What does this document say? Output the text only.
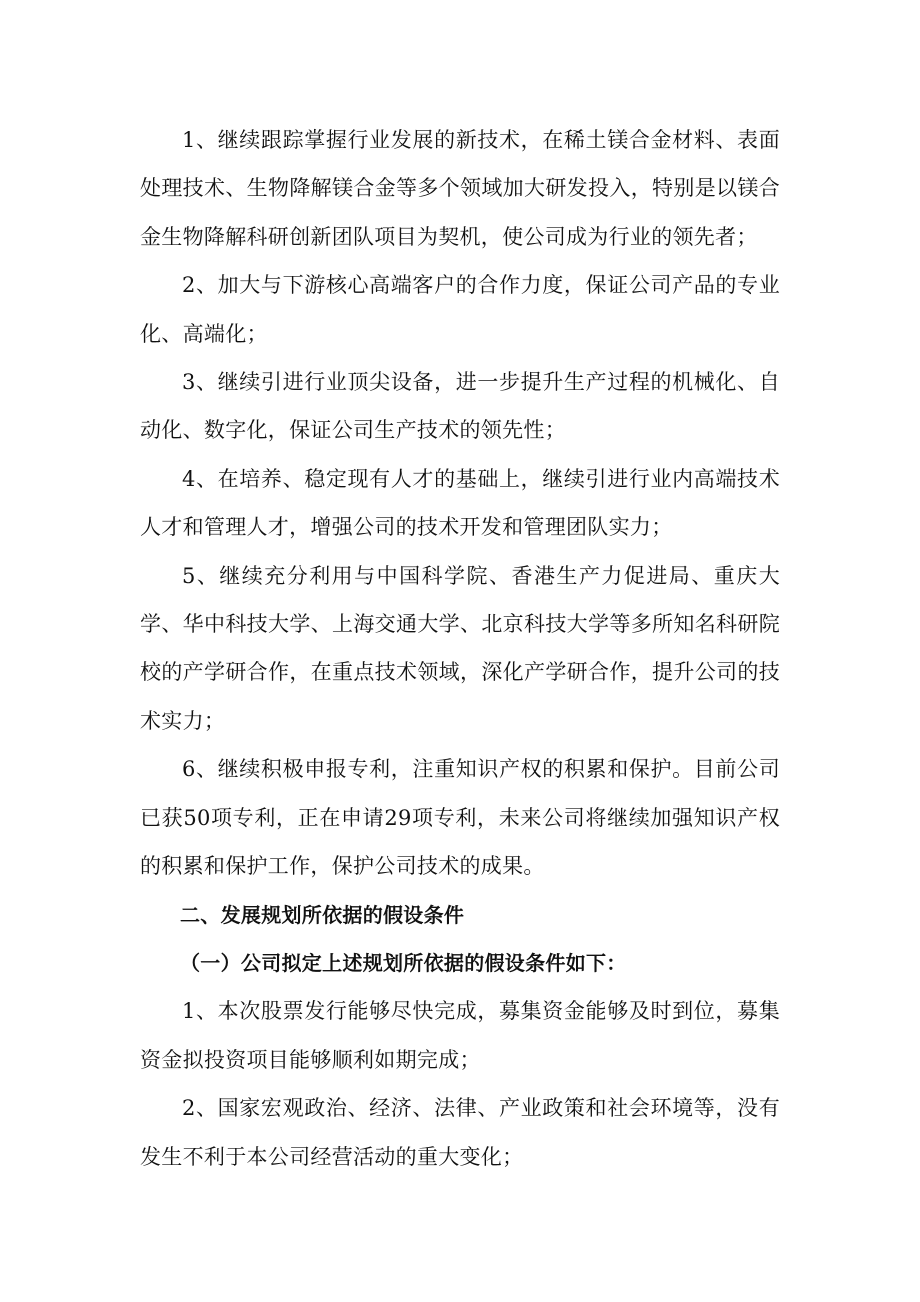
1、继续跟踪掌握行业发展的新技术，在稀土镁合金材料、表面处理技术、生物降解镁合金等多个领域加大研发投入，特别是以镁合金生物降解科研创新团队项目为契机，使公司成为行业的领先者；

2、加大与下游核心高端客户的合作力度，保证公司产品的专业化、高端化；

3、继续引进行业顶尖设备，进一步提升生产过程的机械化、自动化、数字化，保证公司生产技术的领先性；

4、在培养、稳定现有人才的基础上，继续引进行业内高端技术人才和管理人才，增强公司的技术开发和管理团队实力；

5、继续充分利用与中国科学院、香港生产力促进局、重庆大学、华中科技大学、上海交通大学、北京科技大学等多所知名科研院校的产学研合作，在重点技术领域，深化产学研合作，提升公司的技术实力；

6、继续积极申报专利，注重知识产权的积累和保护。目前公司已获50项专利，正在申请29项专利，未来公司将继续加强知识产权的积累和保护工作，保护公司技术的成果。

二、发展规划所依据的假设条件

（一）公司拟定上述规划所依据的假设条件如下：

1、本次股票发行能够尽快完成，募集资金能够及时到位，募集资金拟投资项目能够顺利如期完成；

2、国家宏观政治、经济、法律、产业政策和社会环境等，没有发生不利于本公司经营活动的重大变化；
